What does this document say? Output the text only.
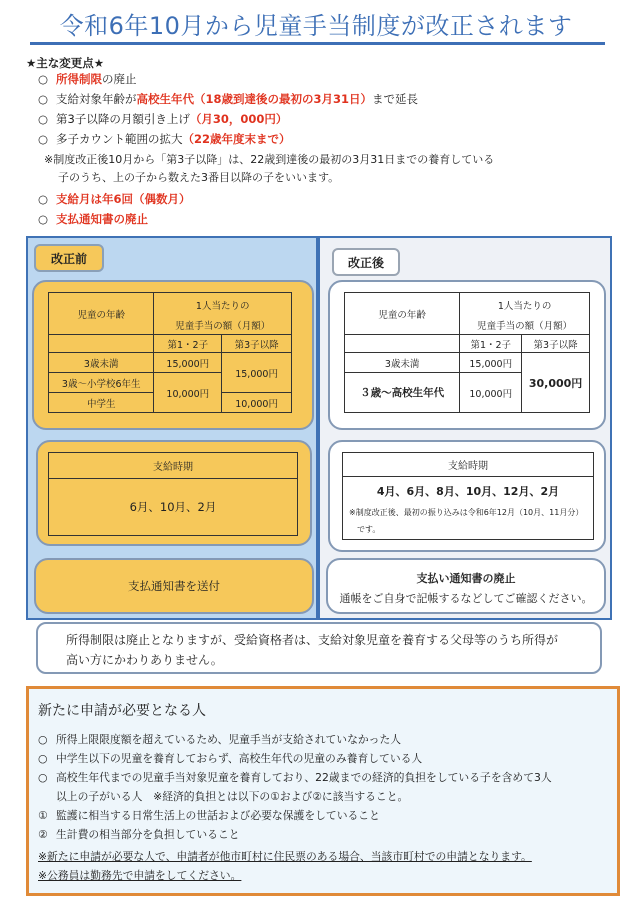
令和6年10月から児童手当制度が改正されます
★主な変更点★
○ 所得制限の廃止
○ 支給対象年齢が高校生年代（18歳到達後の最初の3月31日）まで延長
○ 第3子以降の月額引き上げ（月30，000円）
○ 多子カウント範囲の拡大（22歳年度末まで）
※制度改正後10月から「第3子以降」は、22歳到達後の最初の3月31日までの養育している
子のうち、上の子から数えた3番目以降の子をいいます。
○ 支給月は年6回（偶数月）
○ 支払通知書の廃止
改正前	改正後
児童の年齢	1人当たりの	
	児童手当の額（月額）	
	第1・2子	第3子以降
3歳未満	15,000円	15,000円
3歳～小学校6年生	10,000円	
中学生		10,000円
支給時期
6月、10月、2月
支払通知書を送付
児童の年齢	1人当たりの	
	児童手当の額（月額）	
	第1・2子	第3子以降
3歳未満	15,000円	30,000円
３歳～高校生年代	10,000円	
支給時期
4月、6月、8月、10月、12月、2月
※制度改正後、最初の振り込みは令和6年12月（10月、11月分）
です。
支払い通知書の廃止
通帳をご自身で記帳するなどしてご確認ください。
所得制限は廃止となりますが、受給資格者は、支給対象児童を養育する父母等のうち所得が
高い方にかわりありません。
新たに申請が必要となる人
○ 所得上限限度額を超えているため、児童手当が支給されていなかった人
○ 中学生以下の児童を養育しておらず、高校生年代の児童のみ養育している人
○ 高校生年代までの児童手当対象児童を養育しており、22歳までの経済的負担をしている子を含めて3人
以上の子がいる人　※経済的負担とは以下の①および②に該当すること。
① 監護に相当する日常生活上の世話および必要な保護をしていること
② 生計費の相当部分を負担していること
※新たに申請が必要な人で、申請者が他市町村に住民票のある場合、当該市町村での申請となります。
※公務員は勤務先で申請をしてください。
